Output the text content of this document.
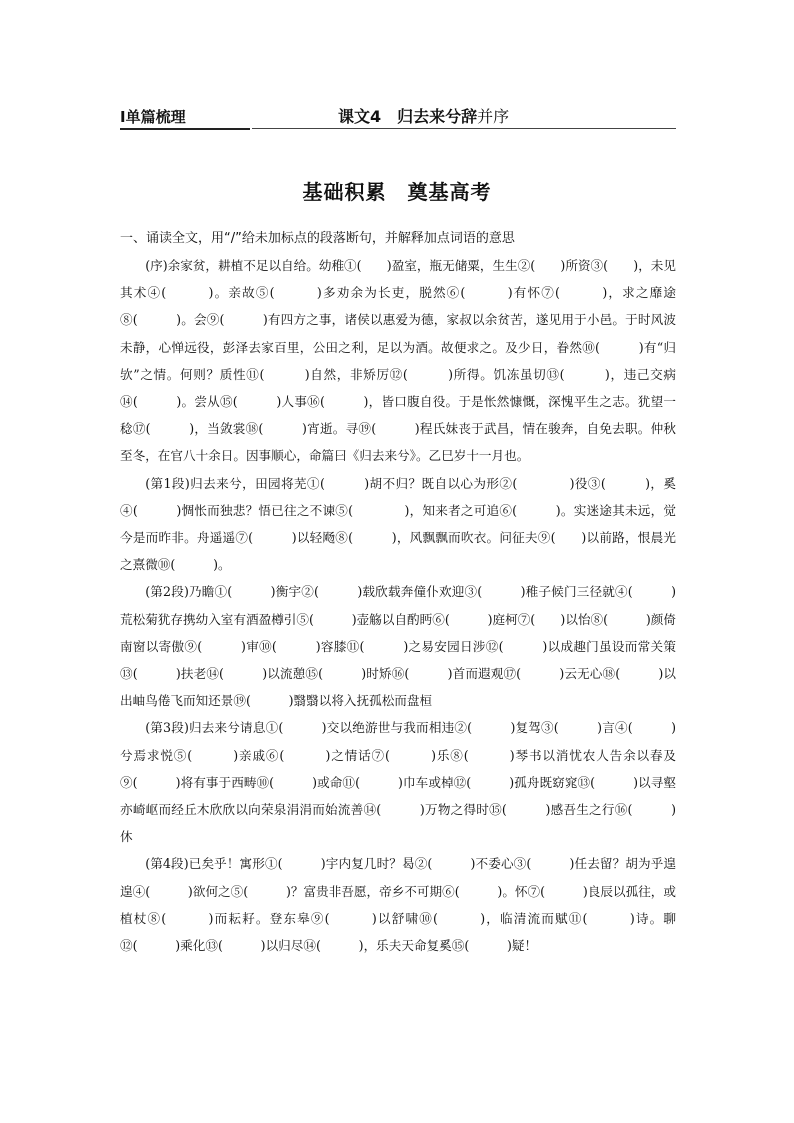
Ⅰ单篇梳理	课文4　归去来兮辞并序
基础积累　奠基高考
一、诵读全文，用“/”给未加标点的段落断句，并解释加点词语的意思

(序)余家贫，耕植不足以自给。幼稚①(　　)盈室，瓶无储粟，生生②(　　)所资③(　　)，未见其术④(　　　)。亲故⑤(　　　)多劝余为长吏，脱然⑥(　　　)有怀⑦(　　　)，求之靡途⑧(　　　)。会⑨(　　　)有四方之事，诸侯以惠爱为德，家叔以余贫苦，遂见用于小邑。于时风波未静，心惮远役，彭泽去家百里，公田之利，足以为酒。故便求之。及少日，眷然⑩(　　　)有“归欤”之情。何则？质性⑪(　　　)自然，非矫厉⑫(　　　)所得。饥冻虽切⑬(　　　)，违己交病⑭(　　　)。尝从⑮(　　　)人事⑯(　　　)，皆口腹自役。于是怅然慷慨，深愧平生之志。犹望一稔⑰(　　　)，当敛裳⑱(　　　)宵逝。寻⑲(　　　)程氏妹丧于武昌，情在骏奔，自免去职。仲秋至冬，在官八十余日。因事顺心，命篇曰《归去来兮》。乙巳岁十一月也。

(第1段)归去来兮，田园将芜①(　　　)胡不归？既自以心为形②(　　　　)役③(　　　)，奚④(　　　)惆怅而独悲？悟已往之不谏⑤(　　　　)，知来者之可追⑥(　　　)。实迷途其未远，觉今是而昨非。舟遥遥⑦(　　　)以轻飏⑧(　　　)，风飘飘而吹衣。问征夫⑨(　　)以前路，恨晨光之熹微⑩(　　　)。

(第2段)乃瞻①(　　　)衡宇②(　　　)载欣载奔僮仆欢迎③(　　　)稚子候门三径就④(　　　)荒松菊犹存携幼入室有酒盈樽引⑤(　　　)壶觞以自酌眄⑥(　　　)庭柯⑦(　　)以怡⑧(　　　)颜倚南窗以寄傲⑨(　　　)审⑩(　　　)容膝⑪(　　　)之易安园日涉⑫(　　　)以成趣门虽设而常关策⑬(　　　)扶老⑭(　　　)以流憩⑮(　　　)时矫⑯(　　　)首而遐观⑰(　　　)云无心⑱(　　　)以出岫鸟倦飞而知还景⑲(　　　)翳翳以将入抚孤松而盘桓

(第3段)归去来兮请息①(　　　)交以绝游世与我而相违②(　　　)复驾③(　　　)言④(　　　)兮焉求悦⑤(　　　)亲戚⑥(　　　)之情话⑦(　　　)乐⑧(　　　)琴书以消忧农人告余以春及⑨(　　　)将有事于西畴⑩(　　　)或命⑪(　　　)巾车或棹⑫(　　　)孤舟既窈窕⑬(　　　)以寻壑亦崎岖而经丘木欣欣以向荣泉涓涓而始流善⑭(　　　)万物之得时⑮(　　　)感吾生之行⑯(　　　)休

(第4段)已矣乎！寓形①(　　　)宇内复几时？曷②(　　　)不委心③(　　　)任去留？胡为乎遑遑④(　　　)欲何之⑤(　　　)？富贵非吾愿，帝乡不可期⑥(　　　)。怀⑦(　　　)良辰以孤往，或植杖⑧(　　　)而耘耔。登东皋⑨(　　　)以舒啸⑩(　　　)，临清流而赋⑪(　　　)诗。聊⑫(　　　)乘化⑬(　　　)以归尽⑭(　　　)，乐夫天命复奚⑮(　　　)疑！
